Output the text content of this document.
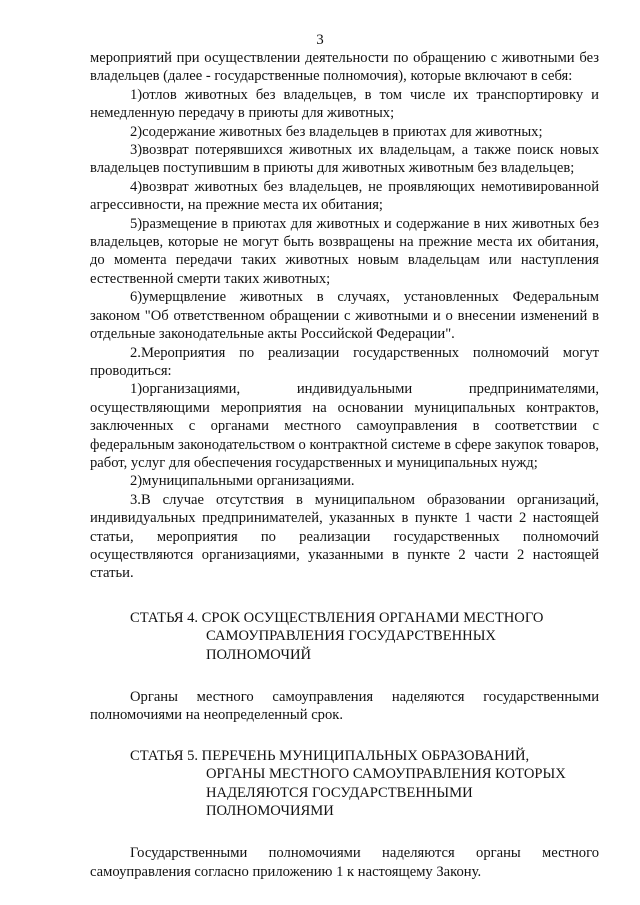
3

мероприятий при осуществлении деятельности по обращению с животными без владельцев (далее - государственные полномочия), которые включают в себя:

1)отлов животных без владельцев, в том числе их транспортировку и немедленную передачу в приюты для животных;

2)содержание животных без владельцев в приютах для животных;

3)возврат потерявшихся животных их владельцам, а также поиск новых владельцев поступившим в приюты для животных животным без владельцев;

4)возврат животных без владельцев, не проявляющих немотивированной агрессивности, на прежние места их обитания;

5)размещение в приютах для животных и содержание в них животных без владельцев, которые не могут быть возвращены на прежние места их обитания, до момента передачи таких животных новым владельцам или наступления естественной смерти таких животных;

6)умерщвление животных в случаях, установленных Федеральным законом "Об ответственном обращении с животными и о внесении изменений в отдельные законодательные акты Российской Федерации".

2.Мероприятия по реализации государственных полномочий могут проводиться:

1)организациями, индивидуальными предпринимателями, осуществляющими мероприятия на основании муниципальных контрактов, заключенных с органами местного самоуправления в соответствии с федеральным законодательством о контрактной системе в сфере закупок товаров, работ, услуг для обеспечения государственных и муниципальных нужд;

2)муниципальными организациями.

3.В случае отсутствия в муниципальном образовании организаций, индивидуальных предпринимателей, указанных в пункте 1 части 2 настоящей статьи, мероприятия по реализации государственных полномочий осуществляются организациями, указанными в пункте 2 части 2 настоящей статьи.

СТАТЬЯ 4. СРОК ОСУЩЕСТВЛЕНИЯ ОРГАНАМИ МЕСТНОГО
САМОУПРАВЛЕНИЯ ГОСУДАРСТВЕННЫХ
ПОЛНОМОЧИЙ

Органы местного самоуправления наделяются государственными полномочиями на неопределенный срок.

СТАТЬЯ 5. ПЕРЕЧЕНЬ МУНИЦИПАЛЬНЫХ ОБРАЗОВАНИЙ,
ОРГАНЫ МЕСТНОГО САМОУПРАВЛЕНИЯ КОТОРЫХ
НАДЕЛЯЮТСЯ ГОСУДАРСТВЕННЫМИ
ПОЛНОМОЧИЯМИ

Государственными полномочиями наделяются органы местного самоуправления согласно приложению 1 к настоящему Закону.
